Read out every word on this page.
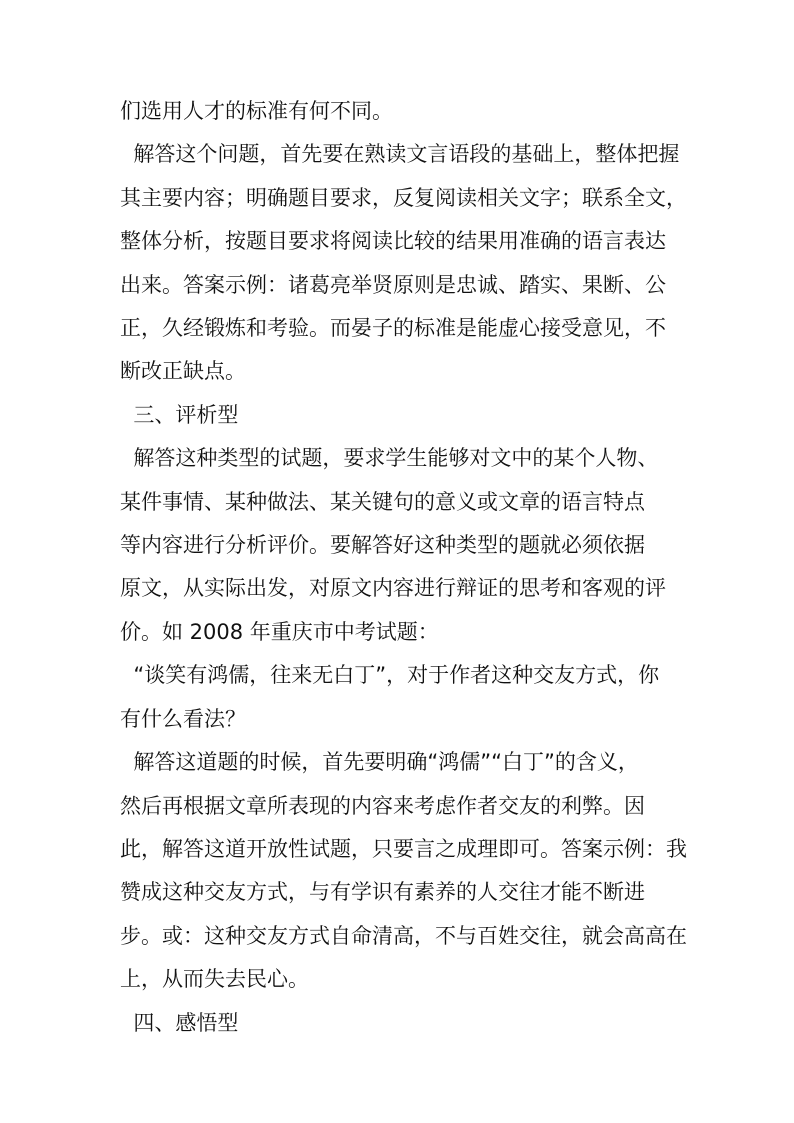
们选用人才的标准有何不同。

解答这个问题，首先要在熟读文言语段的基础上，整体把握

其主要内容；明确题目要求，反复阅读相关文字；联系全文，

整体分析，按题目要求将阅读比较的结果用准确的语言表达

出来。答案示例：诸葛亮举贤原则是忠诚、踏实、果断、公

正，久经锻炼和考验。而晏子的标准是能虚心接受意见，不

断改正缺点。

三、评析型

解答这种类型的试题，要求学生能够对文中的某个人物、

某件事情、某种做法、某关键句的意义或文章的语言特点

等内容进行分析评价。要解答好这种类型的题就必须依据

原文，从实际出发，对原文内容进行辩证的思考和客观的评

价。如 2008 年重庆市中考试题：

“谈笑有鸿儒，往来无白丁”，对于作者这种交友方式，你

有什么看法？

解答这道题的时候，首先要明确“鸿儒”“白丁”的含义，

然后再根据文章所表现的内容来考虑作者交友的利弊。因

此，解答这道开放性试题，只要言之成理即可。答案示例：我

赞成这种交友方式，与有学识有素养的人交往才能不断进

步。或：这种交友方式自命清高，不与百姓交往，就会高高在

上，从而失去民心。

四、感悟型
